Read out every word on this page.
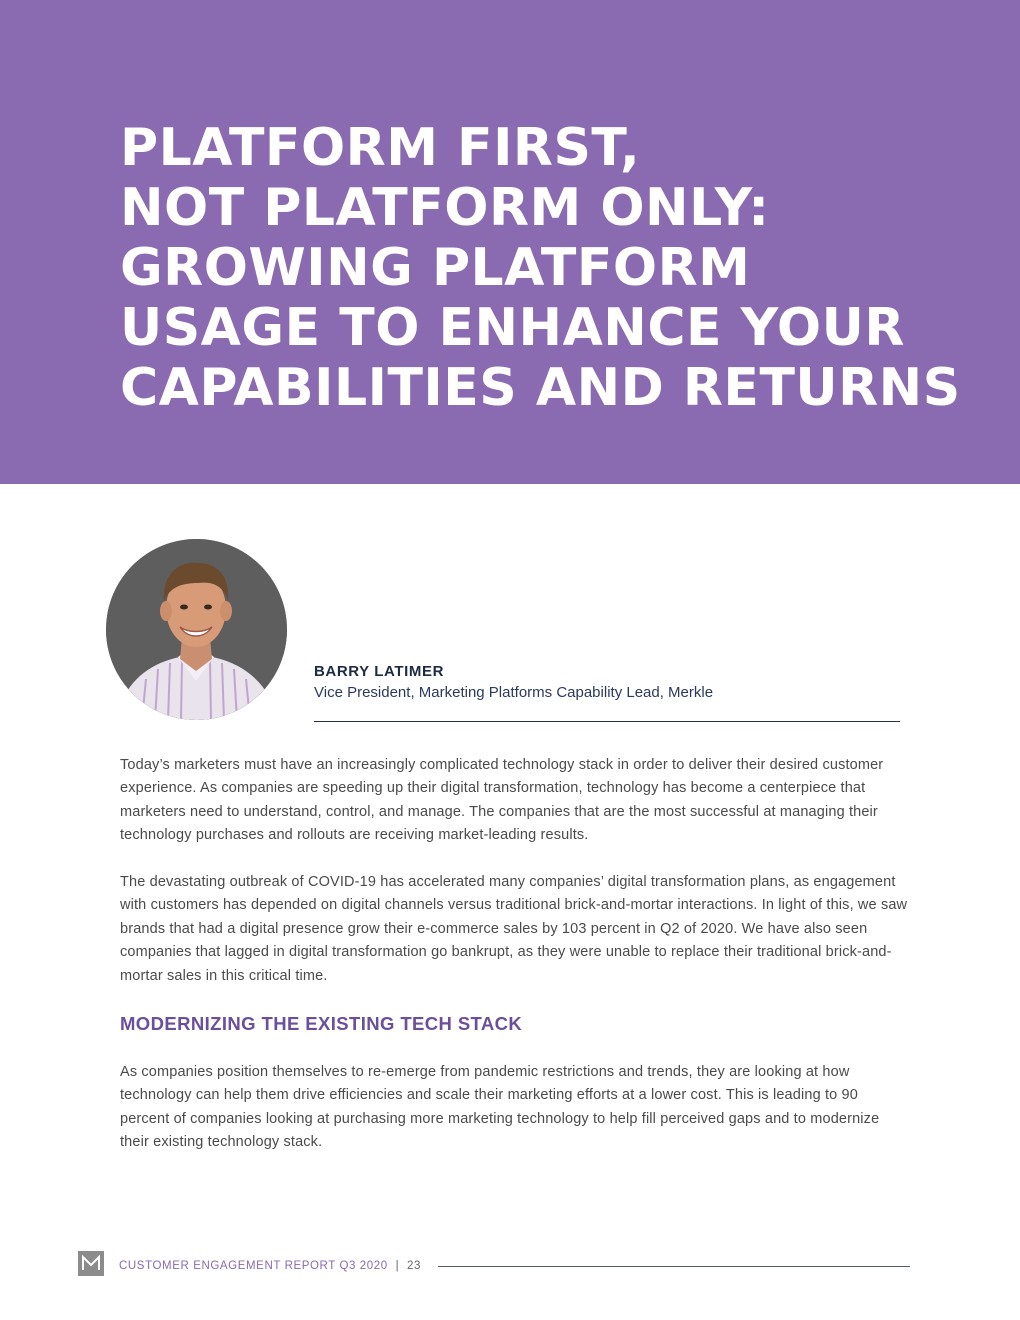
PLATFORM FIRST,
NOT PLATFORM ONLY:
GROWING PLATFORM
USAGE TO ENHANCE YOUR
CAPABILITIES AND RETURNS
BARRY LATIMER
Vice President, Marketing Platforms Capability Lead, Merkle

Today’s marketers must have an increasingly complicated technology stack in order to deliver their desired customer experience. As companies are speeding up their digital transformation, technology has become a centerpiece that marketers need to understand, control, and manage. The companies that are the most successful at managing their technology purchases and rollouts are receiving market-leading results.

The devastating outbreak of COVID-19 has accelerated many companies’ digital transformation plans, as engagement with customers has depended on digital channels versus traditional brick-and-mortar interactions. In light of this, we saw brands that had a digital presence grow their e-commerce sales by 103 percent in Q2 of 2020. We have also seen companies that lagged in digital transformation go bankrupt, as they were unable to replace their traditional brick-and-mortar sales in this critical time.

MODERNIZING THE EXISTING TECH STACK

As companies position themselves to re-emerge from pandemic restrictions and trends, they are looking at how technology can help them drive efficiencies and scale their marketing efforts at a lower cost. This is leading to 90 percent of companies looking at purchasing more marketing technology to help fill perceived gaps and to modernize their existing technology stack.

CUSTOMER ENGAGEMENT REPORT Q3 2020 | 23
